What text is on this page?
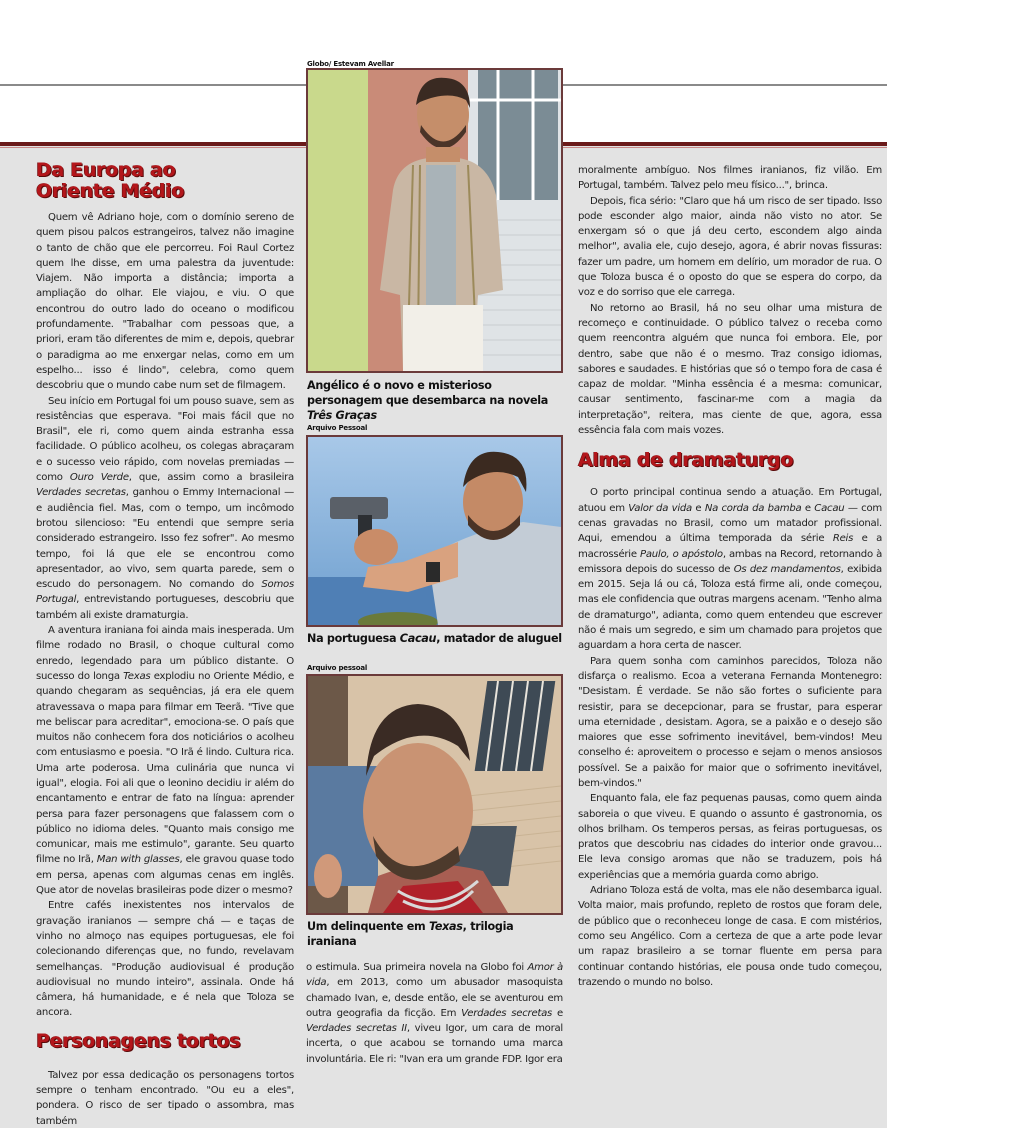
Da Europa ao
Oriente Médio

Quem vê Adriano hoje, com o domínio sereno de quem pisou palcos estrangeiros, talvez não imagine o tanto de chão que ele percorreu. Foi Raul Cortez quem lhe disse, em uma palestra da juventude: Viajem. Não importa a distância; importa a ampliação do olhar. Ele viajou, e viu. O que encontrou do outro lado do oceano o modificou profundamente. "Trabalhar com pessoas que, a priori, eram tão diferentes de mim e, depois, quebrar o paradigma ao me enxergar nelas, como em um espelho... isso é lindo", celebra, como quem descobriu que o mundo cabe num set de filmagem.

Seu início em Portugal foi um pouso suave, sem as resistências que esperava. "Foi mais fácil que no Brasil", ele ri, como quem ainda estranha essa facilidade. O público acolheu, os colegas abraçaram e o sucesso veio rápido, com novelas premiadas — como Ouro Verde, que, assim como a brasileira Verdades secretas, ganhou o Emmy Internacional — e audiência fiel. Mas, com o tempo, um incômodo brotou silencioso: "Eu entendi que sempre seria considerado estrangeiro. Isso fez sofrer". Ao mesmo tempo, foi lá que ele se encontrou como apresentador, ao vivo, sem quarta parede, sem o escudo do personagem. No comando do Somos Portugal, entrevistando portugueses, descobriu que também ali existe dramaturgia.

A aventura iraniana foi ainda mais inesperada. Um filme rodado no Brasil, o choque cultural como enredo, legendado para um público distante. O sucesso do longa Texas explodiu no Oriente Médio, e quando chegaram as sequências, já era ele quem atravessava o mapa para filmar em Teerã. "Tive que me beliscar para acreditar", emociona-se. O país que muitos não conhecem fora dos noticiários o acolheu com entusiasmo e poesia. "O Irã é lindo. Cultura rica. Uma arte poderosa. Uma culinária que nunca vi igual", elogia. Foi ali que o leonino decidiu ir além do encantamento e entrar de fato na língua: aprender persa para fazer personagens que falassem com o público no idioma deles. "Quanto mais consigo me comunicar, mais me estimulo", garante. Seu quarto filme no Irã, Man with glasses, ele gravou quase todo em persa, apenas com algumas cenas em inglês. Que ator de novelas brasileiras pode dizer o mesmo?

Entre cafés inexistentes nos intervalos de gravação iranianos — sempre chá — e taças de vinho no almoço nas equipes portuguesas, ele foi colecionando diferenças que, no fundo, revelavam semelhanças. "Produção audiovisual é produção audiovisual no mundo inteiro", assinala. Onde há câmera, há humanidade, e é nela que Toloza se ancora.

Personagens tortos

Talvez por essa dedicação os personagens tortos sempre o tenham encontrado. "Ou eu a eles", pondera. O risco de ser tipado o assombra, mas também

Globo/ Estevam Avellar
Angélico é o novo e misterioso personagem que desembarca na novela Três Graças
Arquivo Pessoal
Na portuguesa Cacau, matador de aluguel
Arquivo pessoal
Um delinquente em Texas, trilogia iraniana

o estimula. Sua primeira novela na Globo foi Amor à vida, em 2013, como um abusador masoquista chamado Ivan, e, desde então, ele se aventurou em outra geografia da ficção. Em Verdades secretas e Verdades secretas II, viveu Igor, um cara de moral incerta, o que acabou se tornando uma marca involuntária. Ele ri: "Ivan era um grande FDP. Igor era

moralmente ambíguo. Nos filmes iranianos, fiz vilão. Em Portugal, também. Talvez pelo meu físico...", brinca.

Depois, fica sério: "Claro que há um risco de ser tipado. Isso pode esconder algo maior, ainda não visto no ator. Se enxergam só o que já deu certo, escondem algo ainda melhor", avalia ele, cujo desejo, agora, é abrir novas fissuras: fazer um padre, um homem em delírio, um morador de rua. O que Toloza busca é o oposto do que se espera do corpo, da voz e do sorriso que ele carrega.

No retorno ao Brasil, há no seu olhar uma mistura de recomeço e continuidade. O público talvez o receba como quem reencontra alguém que nunca foi embora. Ele, por dentro, sabe que não é o mesmo. Traz consigo idiomas, sabores e saudades. E histórias que só o tempo fora de casa é capaz de moldar. "Minha essência é a mesma: comunicar, causar sentimento, fascinar-me com a magia da interpretação", reitera, mas ciente de que, agora, essa essência fala com mais vozes.

Alma de dramaturgo

O porto principal continua sendo a atuação. Em Portugal, atuou em Valor da vida e Na corda da bamba e Cacau — com cenas gravadas no Brasil, como um matador profissional. Aqui, emendou a última temporada da série Reis e a macrossérie Paulo, o apóstolo, ambas na Record, retornando à emissora depois do sucesso de Os dez mandamentos, exibida em 2015. Seja lá ou cá, Toloza está firme ali, onde começou, mas ele confidencia que outras margens acenam. "Tenho alma de dramaturgo", adianta, como quem entendeu que escrever não é mais um segredo, e sim um chamado para projetos que aguardam a hora certa de nascer.

Para quem sonha com caminhos parecidos, Toloza não disfarça o realismo. Ecoa a veterana Fernanda Montenegro: "Desistam. É verdade. Se não são fortes o suficiente para resistir, para se decepcionar, para se frustar, para esperar uma eternidade , desistam. Agora, se a paixão e o desejo são maiores que esse sofrimento inevitável, bem-vindos! Meu conselho é: aproveitem o processo e sejam o menos ansiosos possível. Se a paixão for maior que o sofrimento inevitável, bem-vindos."

Enquanto fala, ele faz pequenas pausas, como quem ainda saboreia o que viveu. E quando o assunto é gastronomia, os olhos brilham. Os temperos persas, as feiras portuguesas, os pratos que descobriu nas cidades do interior onde gravou... Ele leva consigo aromas que não se traduzem, pois há experiências que a memória guarda como abrigo.

Adriano Toloza está de volta, mas ele não desembarca igual. Volta maior, mais profundo, repleto de rostos que foram dele, de público que o reconheceu longe de casa. E com mistérios, como seu Angélico. Com a certeza de que a arte pode levar um rapaz brasileiro a se tornar fluente em persa para continuar contando histórias, ele pousa onde tudo começou, trazendo o mundo no bolso.
